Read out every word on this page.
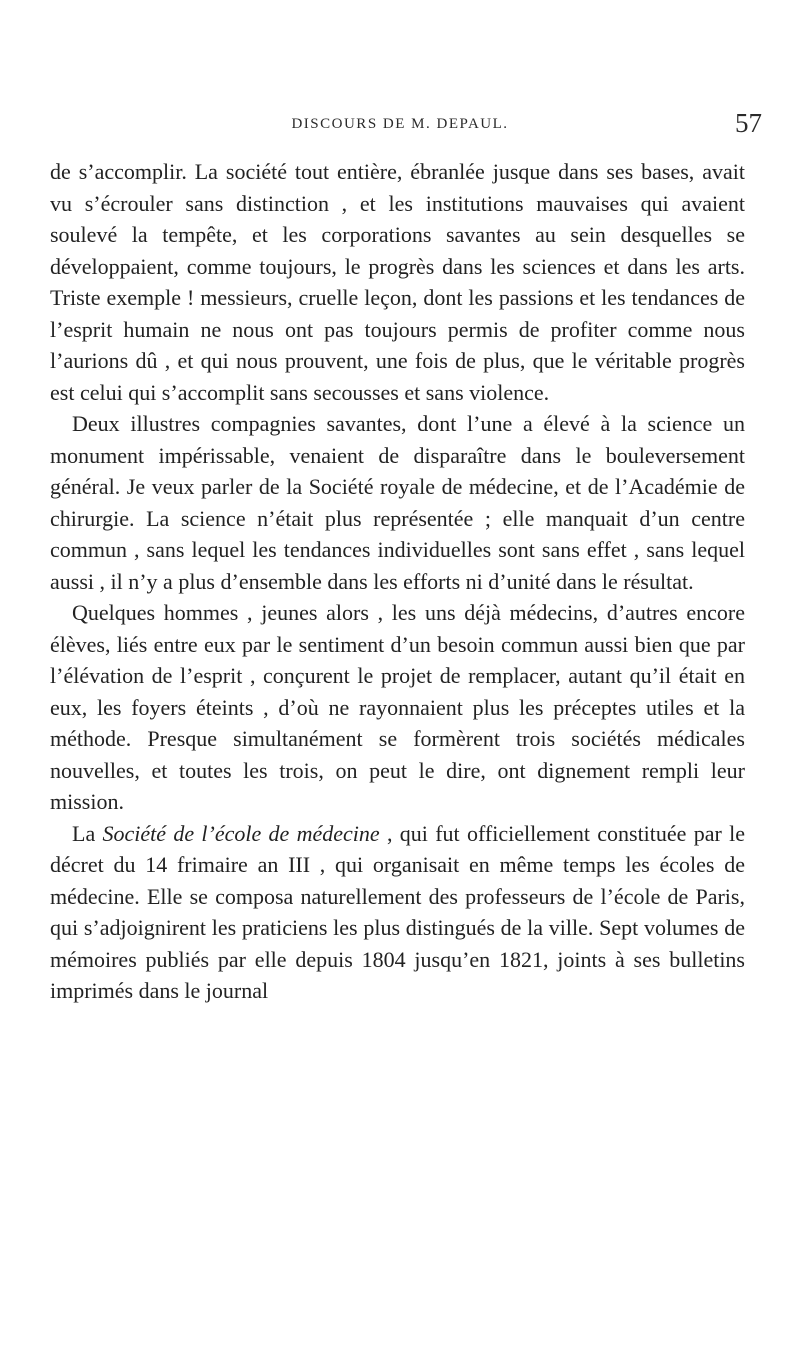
DISCOURS DE M. DEPAUL.	57

de s’accomplir. La société tout entière, ébranlée jusque dans ses bases, avait vu s’écrouler sans distinction , et les institutions mauvaises qui avaient soulevé la tempête, et les corporations savantes au sein desquelles se développaient, comme toujours, le progrès dans les sciences et dans les arts. Triste exemple ! messieurs, cruelle leçon, dont les passions et les tendances de l’esprit humain ne nous ont pas toujours permis de profiter comme nous l’aurions dû , et qui nous prouvent, une fois de plus, que le véritable progrès est celui qui s’accomplit sans secousses et sans violence.

Deux illustres compagnies savantes, dont l’une a élevé à la science un monument impérissable, venaient de disparaître dans le bouleversement général. Je veux parler de la Société royale de médecine, et de l’Académie de chirurgie. La science n’était plus représentée ; elle manquait d’un centre commun , sans lequel les tendances individuelles sont sans effet , sans lequel aussi , il n’y a plus d’ensemble dans les efforts ni d’unité dans le résultat.

Quelques hommes , jeunes alors , les uns déjà médecins, d’autres encore élèves, liés entre eux par le sentiment d’un besoin commun aussi bien que par l’élévation de l’esprit , conçurent le projet de remplacer, autant qu’il était en eux, les foyers éteints , d’où ne rayonnaient plus les préceptes utiles et la méthode. Presque simultanément se formèrent trois sociétés médicales nouvelles, et toutes les trois, on peut le dire, ont dignement rempli leur mission.

La Société de l’école de médecine , qui fut officiellement constituée par le décret du 14 frimaire an III , qui organisait en même temps les écoles de médecine. Elle se composa naturellement des professeurs de l’école de Paris, qui s’adjoignirent les praticiens les plus distingués de la ville. Sept volumes de mémoires publiés par elle depuis 1804 jusqu’en 1821, joints à ses bulletins imprimés dans le journal
